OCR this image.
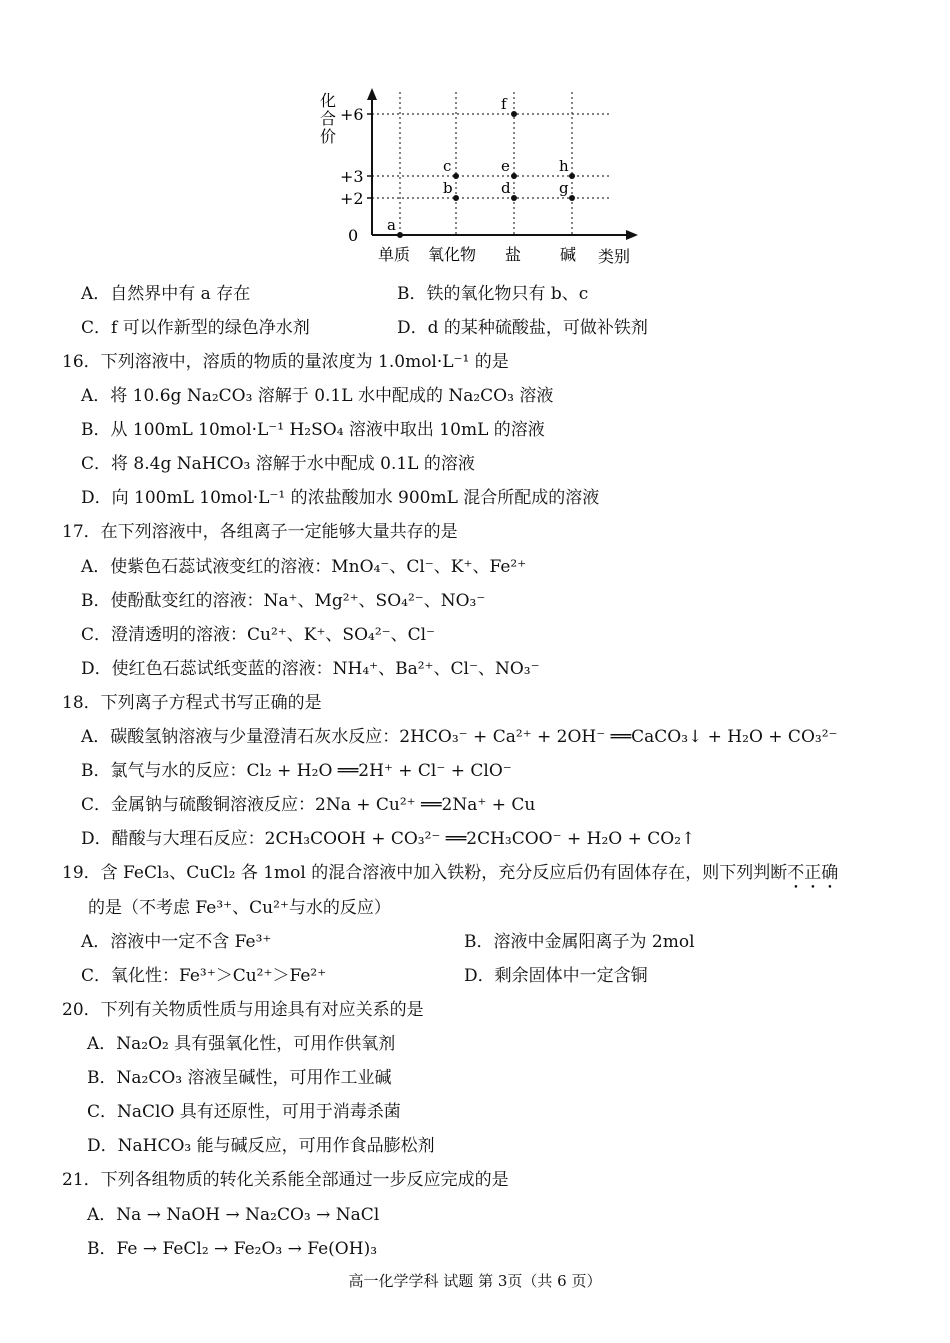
化
合
价
0
+2
+3
+6
单质 氧化物 盐 碱
a
b
c
d
e
f
g
h
类别
A．自然界中有 a 存在	B．铁的氧化物只有 b、c
C．f 可以作新型的绿色净水剂	D．d 的某种硫酸盐，可做补铁剂
16．下列溶液中，溶质的物质的量浓度为 1.0mol·L⁻¹ 的是
A．将 10.6g Na₂CO₃ 溶解于 0.1L 水中配成的 Na₂CO₃ 溶液
B．从 100mL 10mol·L⁻¹ H₂SO₄ 溶液中取出 10mL 的溶液
C．将 8.4g NaHCO₃ 溶解于水中配成 0.1L 的溶液
D．向 100mL 10mol·L⁻¹ 的浓盐酸加水 900mL 混合所配成的溶液
17．在下列溶液中，各组离子一定能够大量共存的是
A．使紫色石蕊试液变红的溶液：MnO₄⁻、Cl⁻、K⁺、Fe²⁺
B．使酚酞变红的溶液：Na⁺、Mg²⁺、SO₄²⁻、NO₃⁻
C．澄清透明的溶液：Cu²⁺、K⁺、SO₄²⁻、Cl⁻
D．使红色石蕊试纸变蓝的溶液：NH₄⁺、Ba²⁺、Cl⁻、NO₃⁻
18．下列离子方程式书写正确的是
A．碳酸氢钠溶液与少量澄清石灰水反应：2HCO₃⁻ + Ca²⁺ + 2OH⁻ ══CaCO₃↓ + H₂O + CO₃²⁻
B．氯气与水的反应：Cl₂ + H₂O ══2H⁺ + Cl⁻ + ClO⁻
C．金属钠与硫酸铜溶液反应：2Na + Cu²⁺ ══2Na⁺ + Cu
D．醋酸与大理石反应：2CH₃COOH + CO₃²⁻ ══2CH₃COO⁻ + H₂O + CO₂↑
19．含 FeCl₃、CuCl₂ 各 1mol 的混合溶液中加入铁粉，充分反应后仍有固体存在，则下列判断不正确
的是（不考虑 Fe³⁺、Cu²⁺与水的反应）
A．溶液中一定不含 Fe³⁺	B．溶液中金属阳离子为 2mol
C．氧化性：Fe³⁺＞Cu²⁺＞Fe²⁺	D．剩余固体中一定含铜
20．下列有关物质性质与用途具有对应关系的是
A．Na₂O₂ 具有强氧化性，可用作供氧剂
B．Na₂CO₃ 溶液呈碱性，可用作工业碱
C．NaClO 具有还原性，可用于消毒杀菌
D．NaHCO₃ 能与碱反应，可用作食品膨松剂
21．下列各组物质的转化关系能全部通过一步反应完成的是
A．Na → NaOH → Na₂CO₃ → NaCl
B．Fe → FeCl₂ → Fe₂O₃ → Fe(OH)₃
高一化学学科 试题 第 3页（共 6 页）
